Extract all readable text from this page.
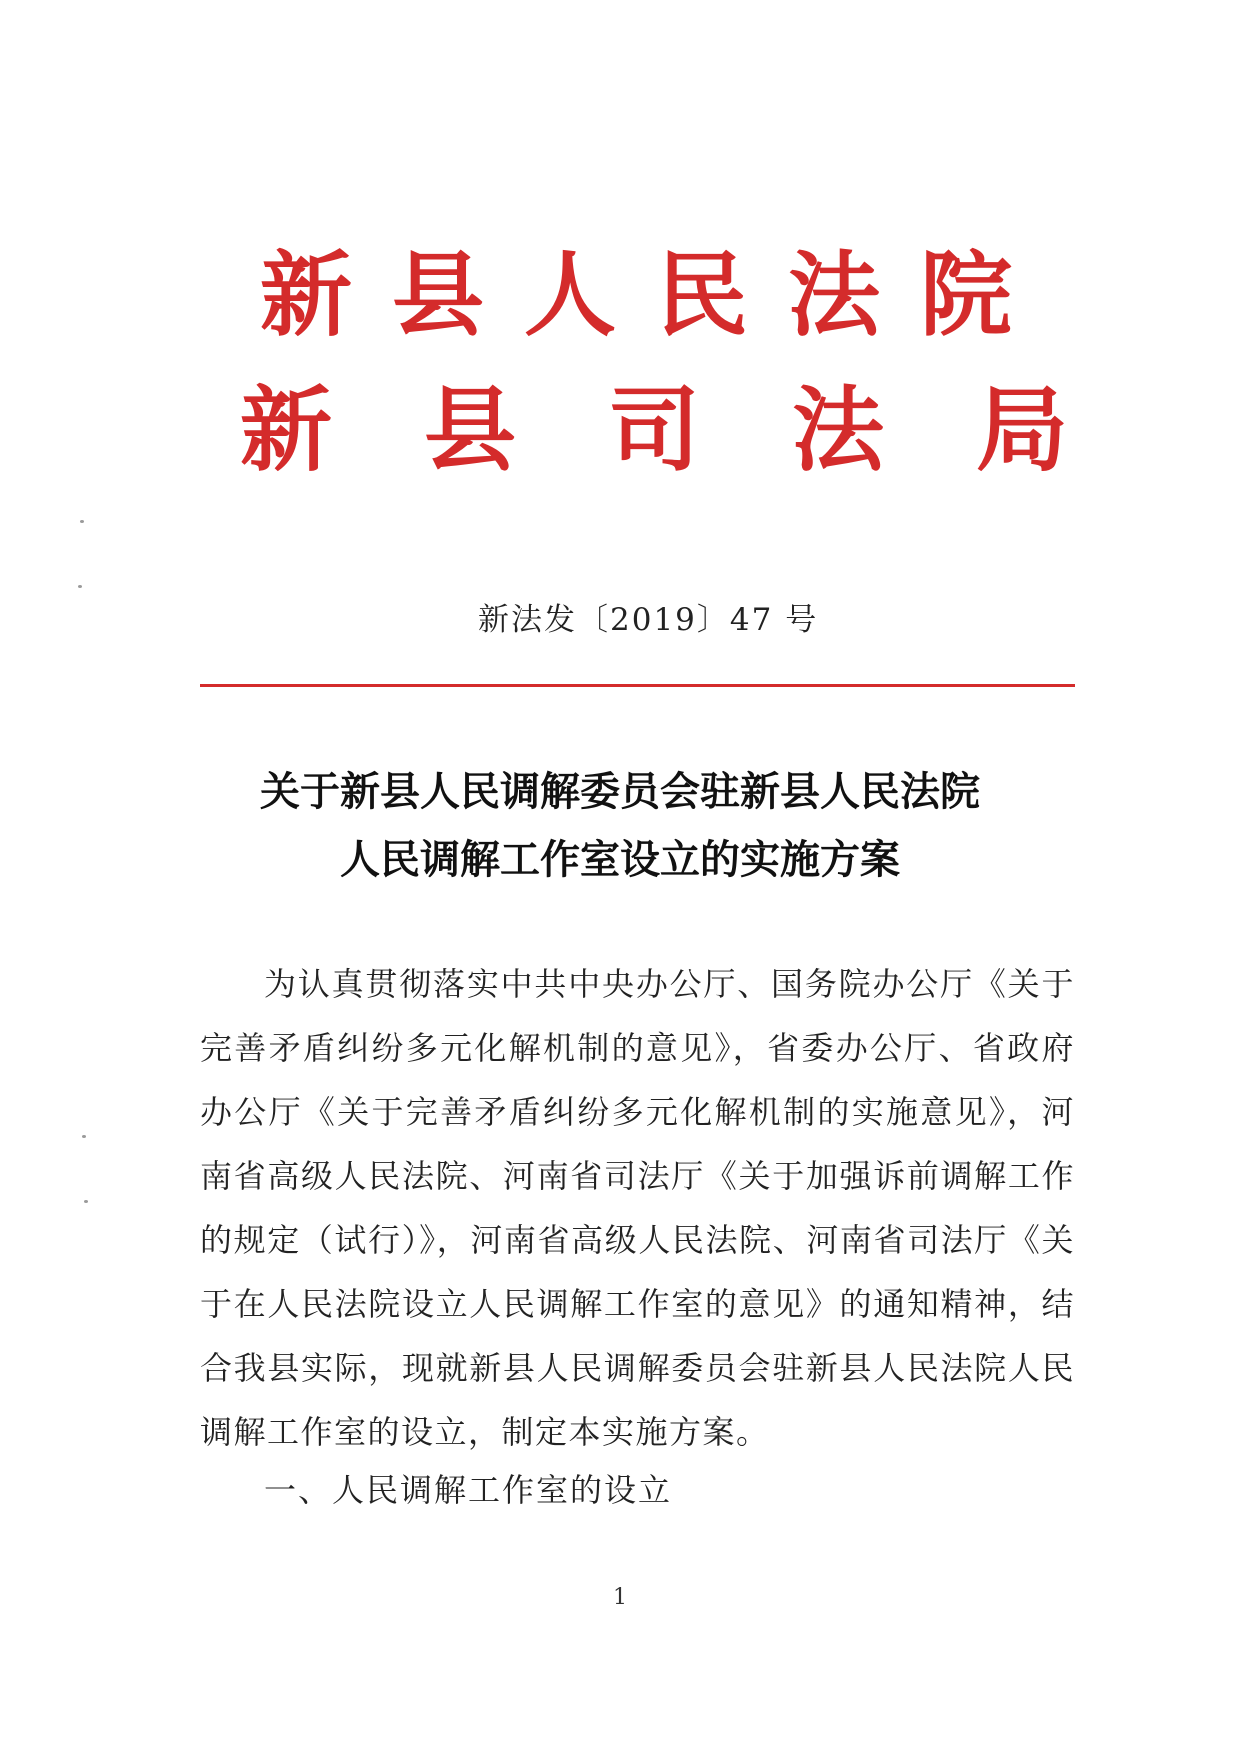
新县人民法院
新县司法局
新法发〔2019〕47 号
关于新县人民调解委员会驻新县人民法院
人民调解工作室设立的实施方案
为认真贯彻落实中共中央办公厅、国务院办公厅《关于完善矛盾纠纷多元化解机制的意见》，省委办公厅、省政府办公厅《关于完善矛盾纠纷多元化解机制的实施意见》，河南省高级人民法院、河南省司法厅《关于加强诉前调解工作的规定（试行）》，河南省高级人民法院、河南省司法厅《关于在人民法院设立人民调解工作室的意见》的通知精神，结合我县实际，现就新县人民调解委员会驻新县人民法院人民调解工作室的设立，制定本实施方案。
一、人民调解工作室的设立
1
